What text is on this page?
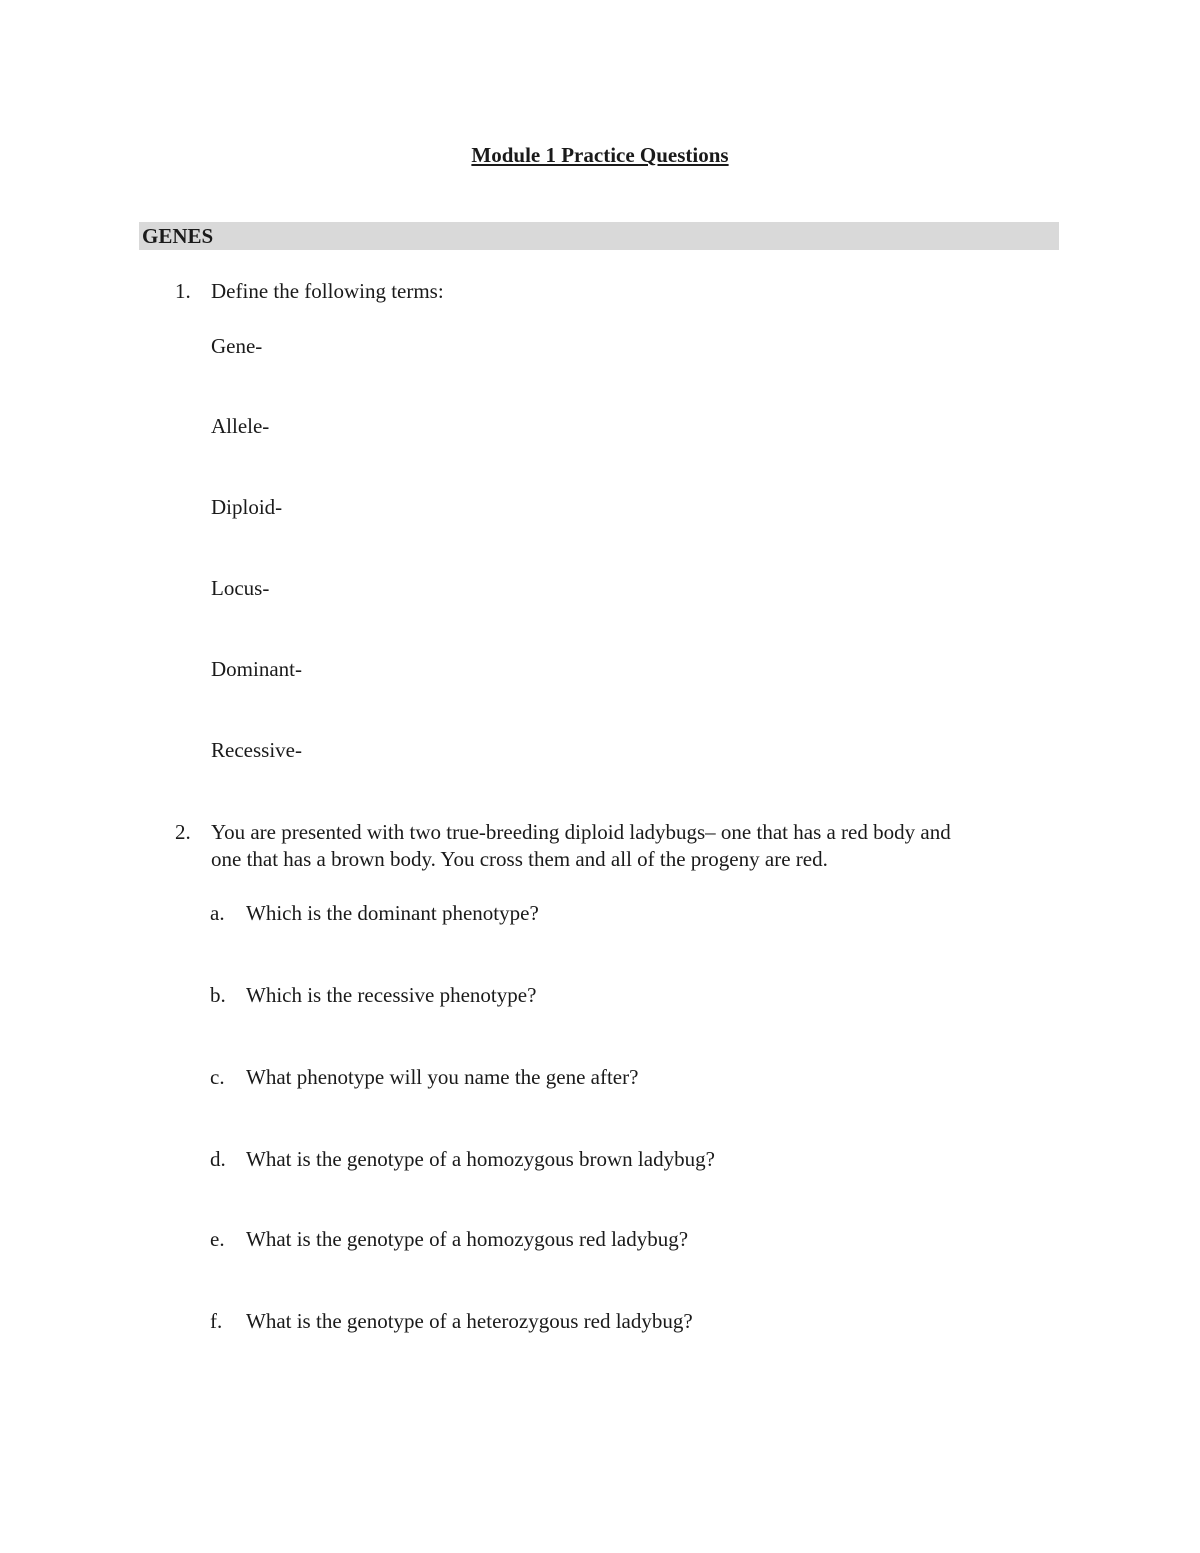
Module 1 Practice Questions
GENES
1. Define the following terms:
Gene-
Allele-
Diploid-
Locus-
Dominant-
Recessive-
2. You are presented with two true-breeding diploid ladybugs– one that has a red body and
one that has a brown body. You cross them and all of the progeny are red.
a. Which is the dominant phenotype?
b. Which is the recessive phenotype?
c. What phenotype will you name the gene after?
d. What is the genotype of a homozygous brown ladybug?
e. What is the genotype of a homozygous red ladybug?
f. What is the genotype of a heterozygous red ladybug?
